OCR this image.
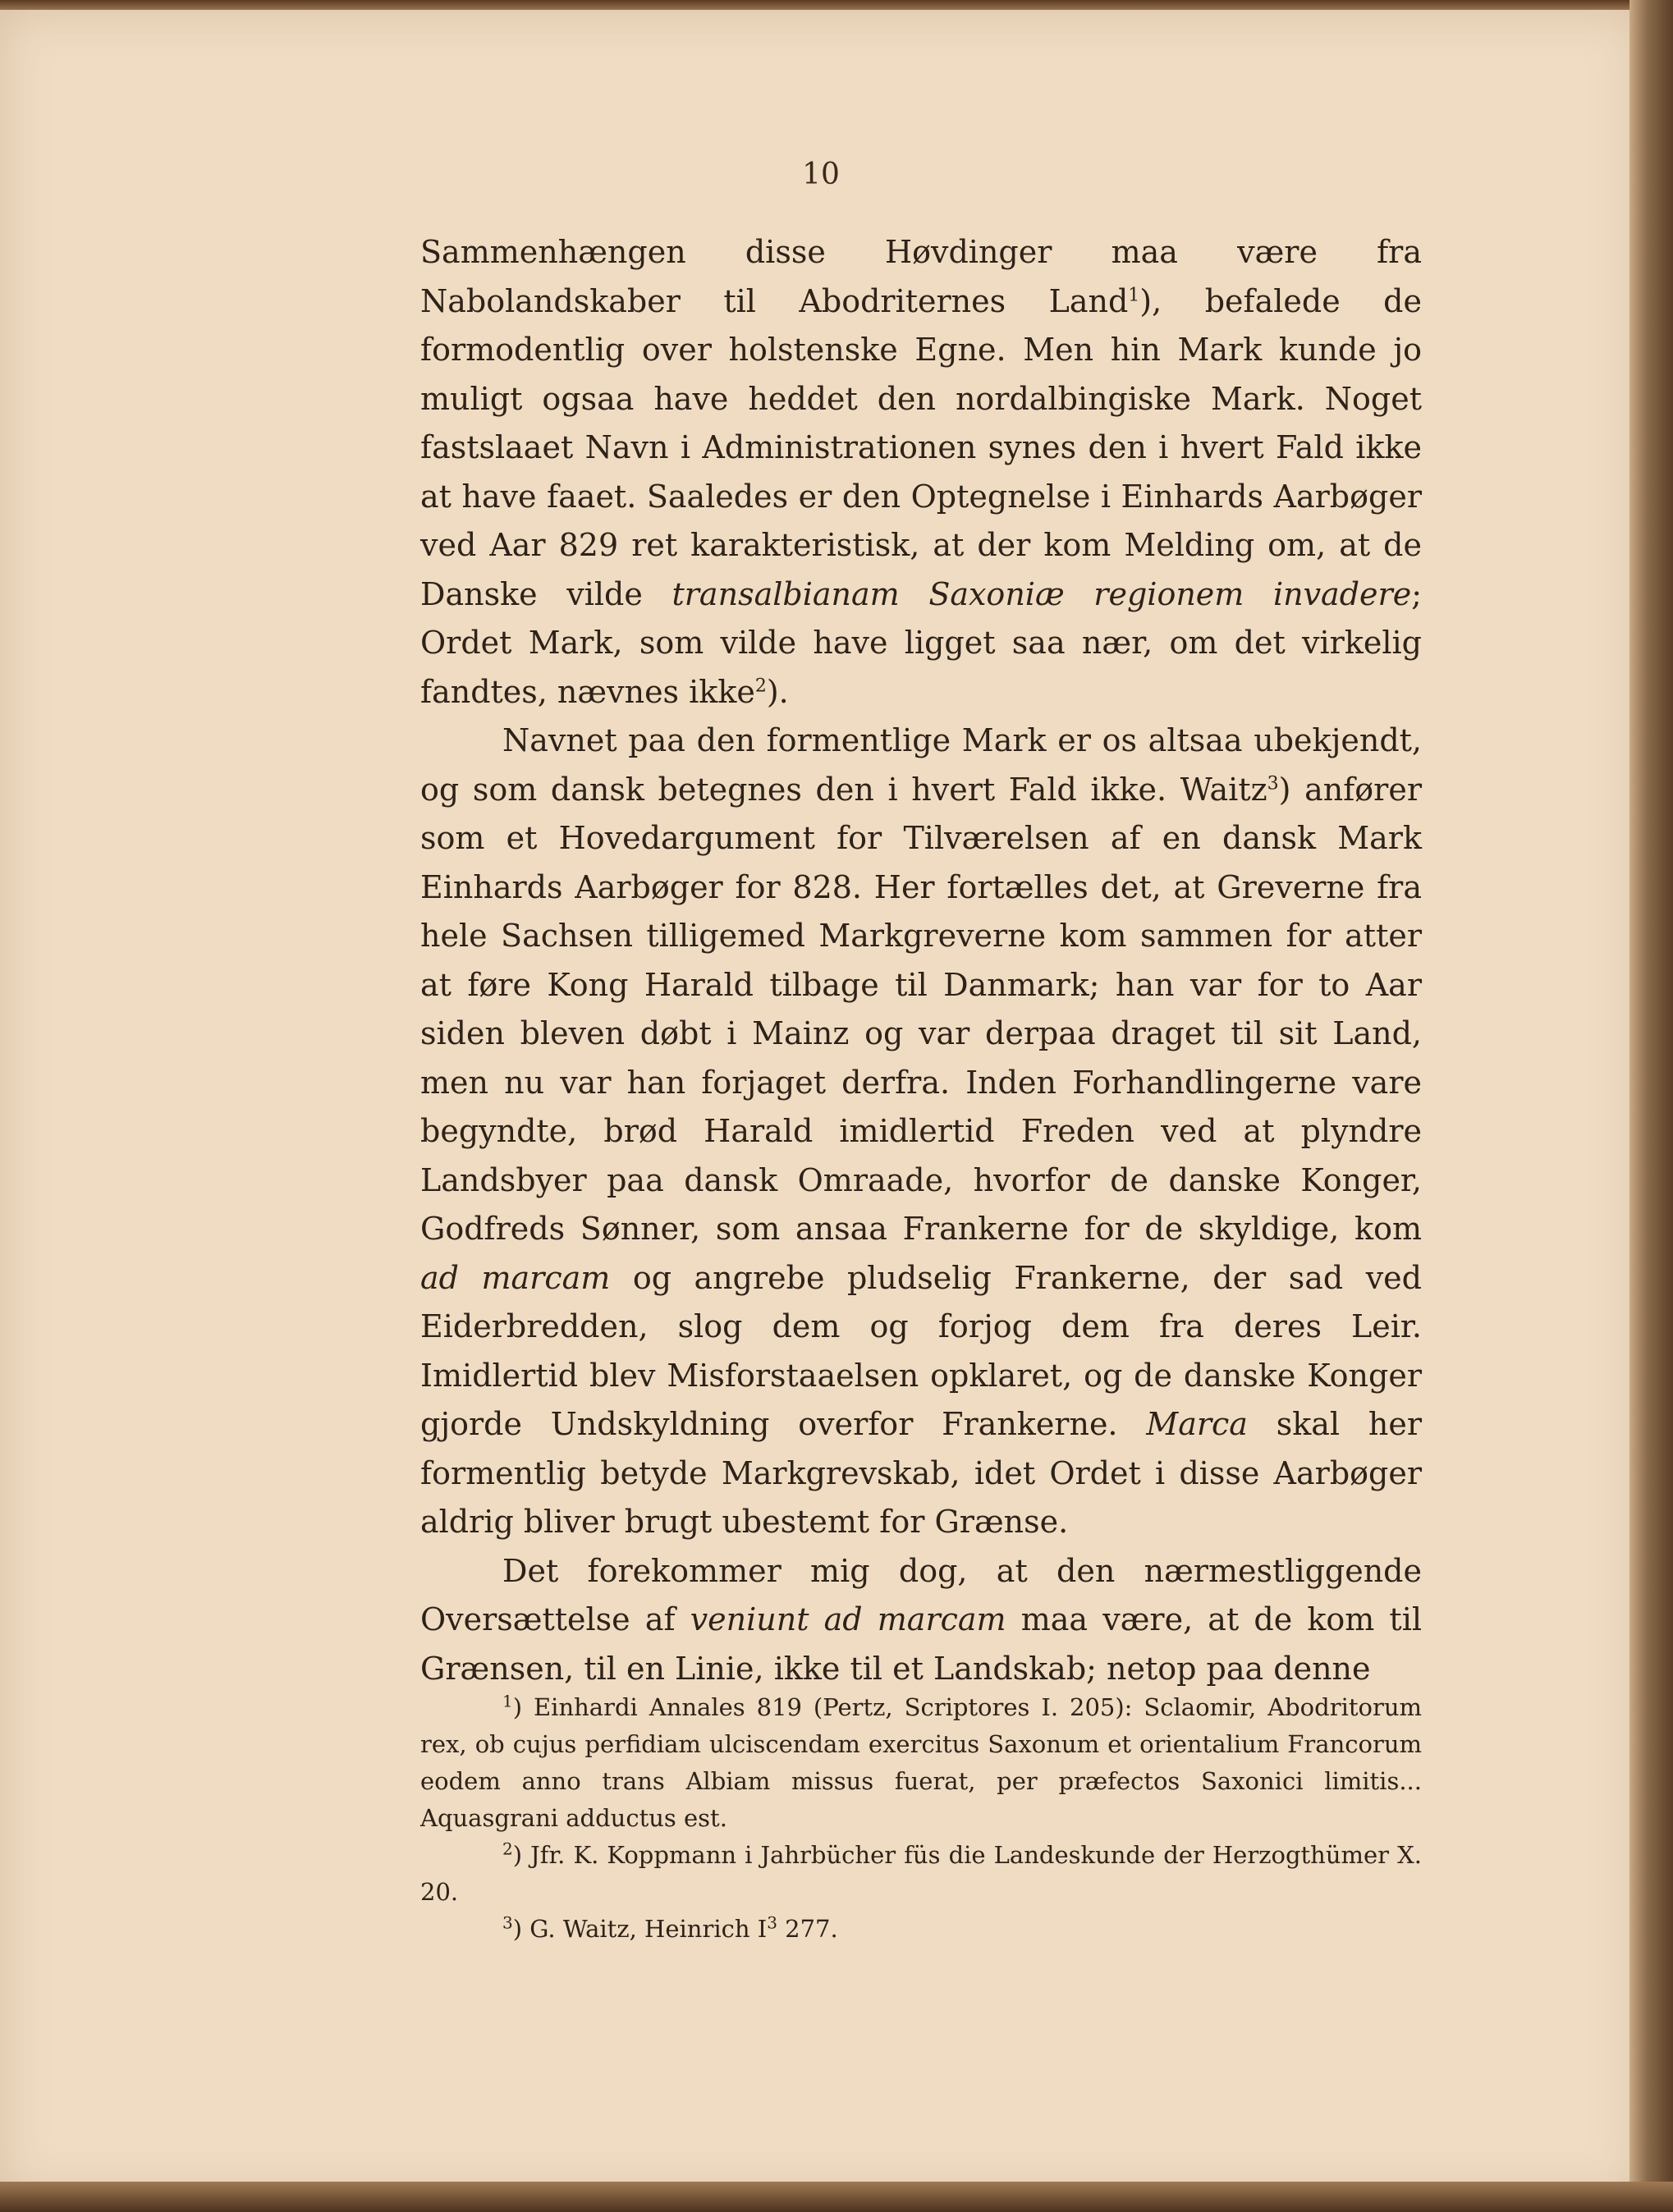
10

Sammenhængen disse Høvdinger maa være fra Nabolandskaber til Abodriternes Land$^1$), befalede de formodentlig over holstenske Egne. Men hin Mark kunde jo muligt ogsaa have heddet den nordalbingiske Mark. Noget fastslaaet Navn i Administrationen synes den i hvert Fald ikke at have faaet. Saaledes er den Optegnelse i Einhards Aarbøger ved Aar 829 ret karakteristisk, at der kom Melding om, at de Danske vilde transalbianam Saxoniæ regionem invadere; Ordet Mark, som vilde have ligget saa nær, om det virkelig fandtes, nævnes ikke$^2$).

Navnet paa den formentlige Mark er os altsaa ubekjendt, og som dansk betegnes den i hvert Fald ikke. Waitz$^3$) anfører som et Hovedargument for Tilværelsen af en dansk Mark Einhards Aarbøger for 828. Her fortælles det, at Greverne fra hele Sachsen tilligemed Markgreverne kom sammen for atter at føre Kong Harald tilbage til Danmark; han var for to Aar siden bleven døbt i Mainz og var derpaa draget til sit Land, men nu var han forjaget derfra. Inden Forhandlingerne vare begyndte, brød Harald imidlertid Freden ved at plyndre Landsbyer paa dansk Omraade, hvorfor de danske Konger, Godfreds Sønner, som ansaa Frankerne for de skyldige, kom ad marcam og angrebe pludselig Frankerne, der sad ved Eiderbredden, slog dem og forjog dem fra deres Leir. Imidlertid blev Misforstaaelsen opklaret, og de danske Konger gjorde Undskyldning overfor Frankerne. Marca skal her formentlig betyde Markgrevskab, idet Ordet i disse Aarbøger aldrig bliver brugt ubestemt for Grænse.

Det forekommer mig dog, at den nærmestliggende Oversættelse af veniunt ad marcam maa være, at de kom til Grænsen, til en Linie, ikke til et Landskab; netop paa denne

$^1$) Einhardi Annales 819 (Pertz, Scriptores I. 205): Sclaomir, Abodritorum rex, ob cujus perfidiam ulciscendam exercitus Saxonum et orientalium Francorum eodem anno trans Albiam missus fuerat, per præfectos Saxonici limitis... Aquasgrani adductus est.

$^2$) Jfr. K. Koppmann i Jahrbücher füs die Landeskunde der Herzogthümer X. 20.

$^3$) G. Waitz, Heinrich I$^3$ 277.
